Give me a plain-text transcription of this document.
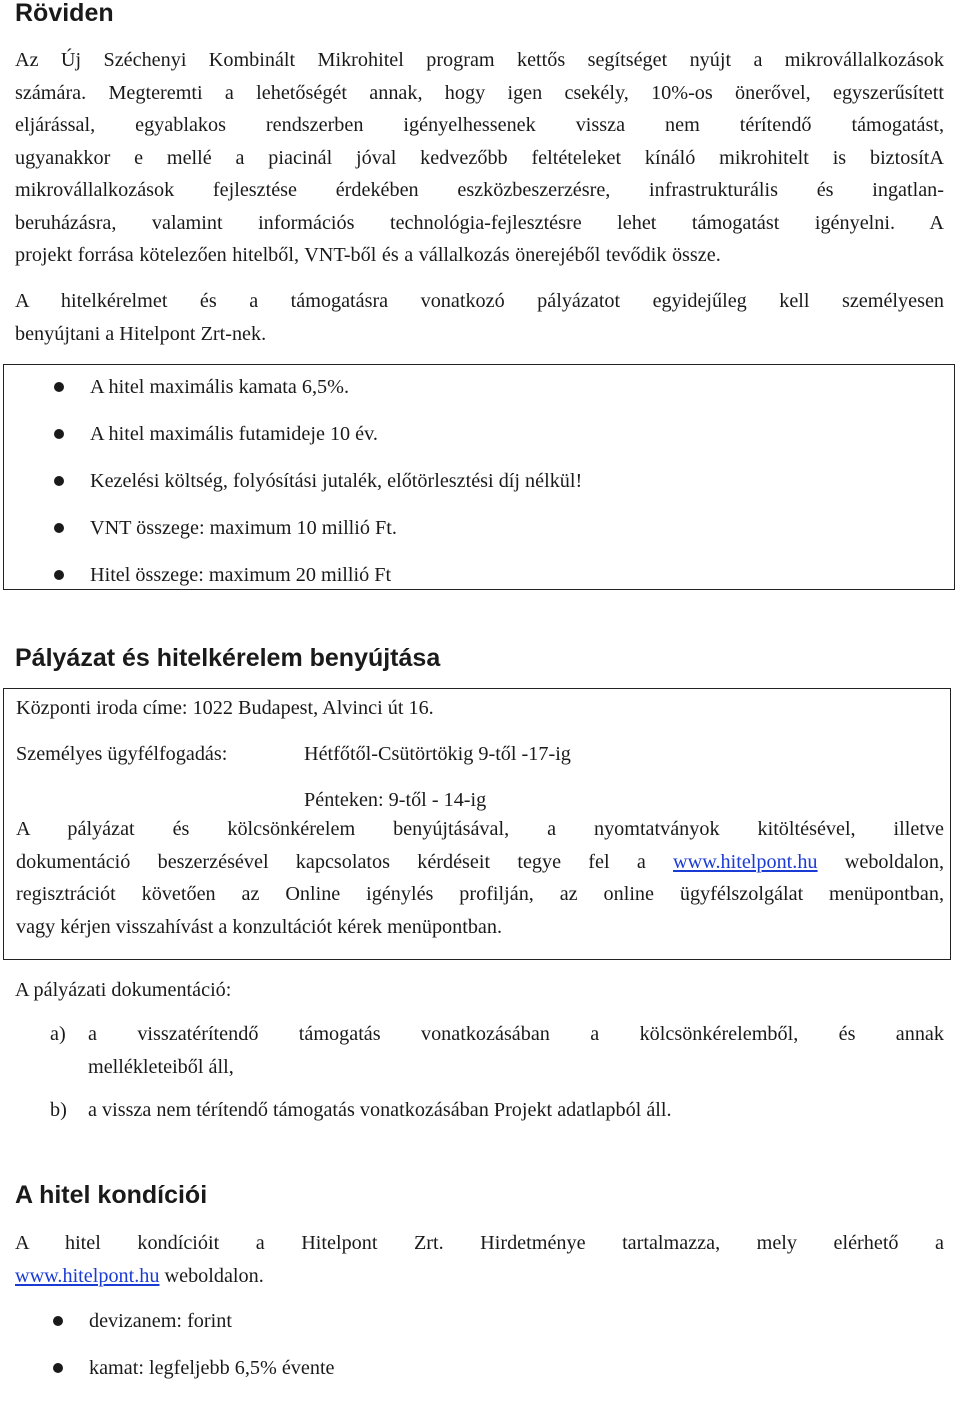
Röviden
Az Új Széchenyi Kombinált Mikrohitel program kettős segítséget nyújt a mikrovállalkozások
számára. Megteremti a lehetőségét annak, hogy igen csekély, 10%-os önerővel, egyszerűsített
eljárással, egyablakos rendszerben igényelhessenek vissza nem térítendő támogatást,
ugyanakkor e mellé a piacinál jóval kedvezőbb feltételeket kínáló mikrohitelt is biztosítA
mikrovállalkozások fejlesztése érdekében eszközbeszerzésre, infrastrukturális és ingatlan-
beruházásra, valamint információs technológia-fejlesztésre lehet támogatást igényelni. A
projekt forrása kötelezően hitelből, VNT-ből és a vállalkozás önerejéből tevődik össze.
A hitelkérelmet és a támogatásra vonatkozó pályázatot egyidejűleg kell személyesen
benyújtani a Hitelpont Zrt-nek.
A hitel maximális kamata 6,5%.
A hitel maximális futamideje 10 év.
Kezelési költség, folyósítási jutalék, előtörlesztési díj nélkül!
VNT összege: maximum 10 millió Ft.
Hitel összege: maximum 20 millió Ft
Pályázat és hitelkérelem benyújtása
Központi iroda címe: 1022 Budapest, Alvinci út 16.
Személyes ügyfélfogadás:	Hétfőtől-Csütörtökig 9-től -17-ig
Pénteken: 9-től - 14-ig
A pályázat és kölcsönkérelem benyújtásával, a nyomtatványok kitöltésével, illetve
dokumentáció beszerzésével kapcsolatos kérdéseit tegye fel a www.hitelpont.hu weboldalon,
regisztrációt követően az Online igénylés profilján, az online ügyfélszolgálat menüpontban,
vagy kérjen visszahívást a konzultációt kérek menüpontban.
A pályázati dokumentáció:
a) a visszatérítendő támogatás vonatkozásában a kölcsönkérelemből, és annak
mellékleteiből áll,
b) a vissza nem térítendő támogatás vonatkozásában Projekt adatlapból áll.
A hitel kondíciói
A hitel kondícióit a Hitelpont Zrt. Hirdetménye tartalmazza, mely elérhető a
www.hitelpont.hu weboldalon.
devizanem: forint
kamat: legfeljebb 6,5% évente
